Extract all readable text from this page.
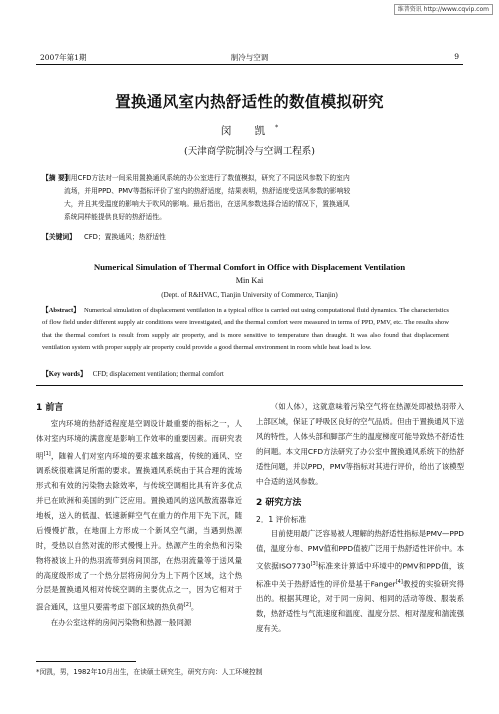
维普资讯 http://www.cqvip.com
2007年第1期	制冷与空调	9
置换通风室内热舒适性的数值模拟研究
闵 凯*
(天津商学院制冷与空调工程系)
【摘 要】
利用CFD方法对一间采用置换通风系统的办公室进行了数值模拟，研究了不同送风参数下的室内
流场，并用PPD、PMV等指标评价了室内的热舒适度，结果表明，热舒适度受送风参数的影响较
大，并且其受温度的影响大于吹风的影响。最后指出，在送风参数选择合适的情况下，置换通风
系统同样能提供良好的热舒适性。
【关键词】 CFD；置换通风；热舒适性
Numerical Simulation of Thermal Comfort in Office with Displacement Ventilation
Min Kai
(Dept. of R&HVAC, Tianjin University of Commerce, Tianjin)
【Abstract】 Numerical simulation of displacement ventilation in a typical office is carried out using computational fluid dynamics. The characteristics of flow field under different supply air conditions were investigated, and the thermal comfort were measured in terms of PPD, PMV, etc. The results show that the thermal comfort is result from supply air property, and is more sensitive to temperature than draught. It was also found that displacement ventilation system with proper supply air property could provide a good thermal environment in room while heat load is low.
【Key words】 CFD; displacement ventilation; thermal comfort
1 前言

室内环境的热舒适程度是空调设计最重要的指标之一，人体对室内环境的满意度是影响工作效率的重要因素。而研究表明[1]，随着人们对室内环境的要求越来越高，传统的通风、空调系统很难满足所需的要求。置换通风系统由于其合理的流场形式和有效的污染物去除效率，与传统空调相比具有许多优点并已在欧洲和美国的到广泛应用。置换通风的送风散流器靠近地板，送入的低温、低速新鲜空气在重力的作用下先下沉，随后慢慢扩散，在地面上方形成一个新风空气湖，当遇到热源时，受热以自然对流的形式慢慢上升。热源产生的余热和污染物将被该上升的热羽流带到房间顶部，在热羽流量等于送风量的高度级形成了一个热分层将房间分为上下两个区域，这个热分层是置换通风相对传统空调的主要优点之一，因为它相对于混合通风，这里只要需考虑下部区域的热负荷[2]。

在办公室这样的房间污染物和热源一般同源

（如人体），这就意味着污染空气将在热源处即被热羽带入上部区域，保证了呼吸区良好的空气品质。但由于置换通风下送风的特性，人体头部和脚部产生的温度梯度可能导致热不舒适性的问题。本文用CFD方法研究了办公室中置换通风系统下的热舒适性问题，并以PPD，PMV等指标对其进行评价，给出了该模型中合适的送风参数。

2 研究方法
2．1 评价标准

目前使用最广泛容易被人理解的热舒适性指标是PMV—PPD值，温度分布、PMV值和PPD值被广泛用于热舒适性评价中。本文依据ISO7730[3]标准来计算适中环境中的PMV和PPD值，该标准中关于热舒适性的评价是基于Fanger[4]教授的实验研究得出的。根据其理论，对于同一房间、相同的活动等级、服装系数，热舒适性与气流速度和温度、温度分层、相对湿度和湍流强度有关。

*闵凯，男，1982年10月出生，在读硕士研究生，研究方向：人工环境控制
